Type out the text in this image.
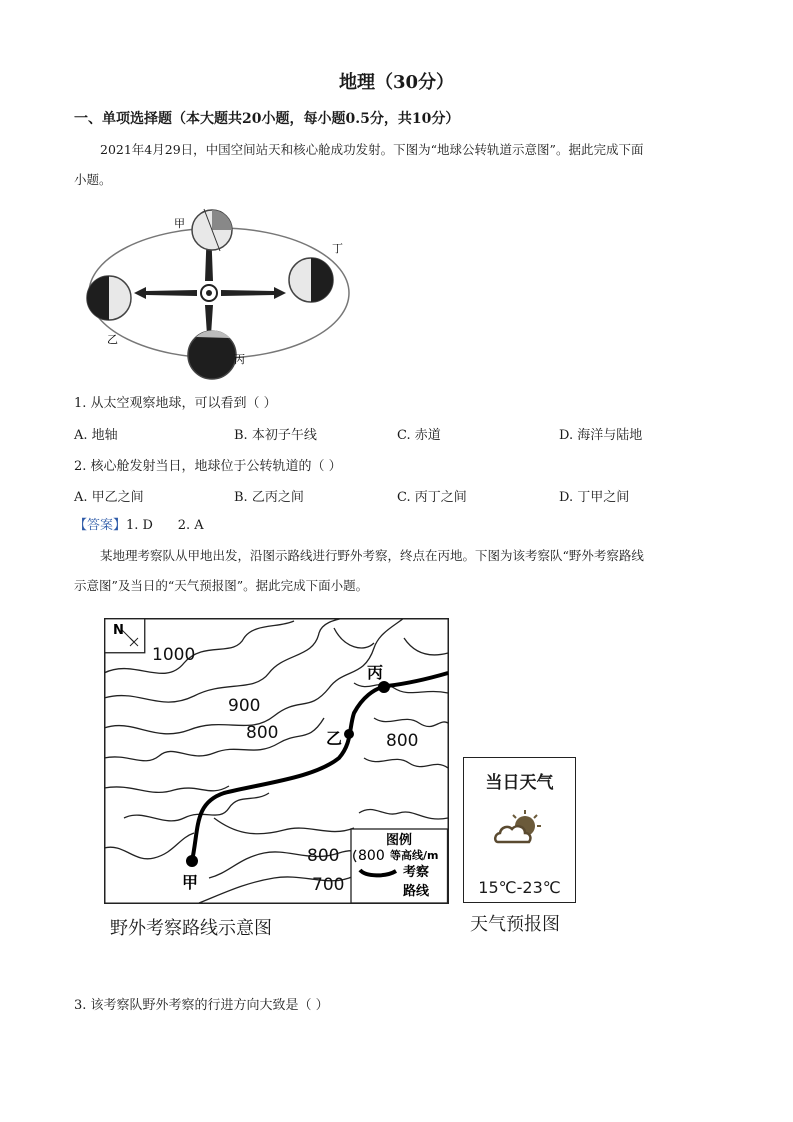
地理（30分）
一、单项选择题（本大题共20小题，每小题0.5分，共10分）
2021年4月29日，中国空间站天和核心舱成功发射。下图为“地球公转轨道示意图”。据此完成下面
小题。
甲
丁
乙
丙
1. 从太空观察地球，可以看到（ ）
A. 地轴	B. 本初子午线	C. 赤道	D. 海洋与陆地
2. 核心舱发射当日，地球位于公转轨道的（ ）
A. 甲乙之间	B. 乙丙之间	C. 丙丁之间	D. 丁甲之间
【答案】1. D      2. A
某地理考察队从甲地出发，沿图示路线进行野外考察，终点在丙地。下图为该考察队“野外考察路线
示意图”及当日的“天气预报图”。据此完成下面小题。
N
1000
900
800	800
800
700
甲
乙
丙
图例
800 等高线/m
考察
路线
野外考察路线示意图
当日天气
15℃-23℃
天气预报图
3. 该考察队野外考察的行进方向大致是（ ）
